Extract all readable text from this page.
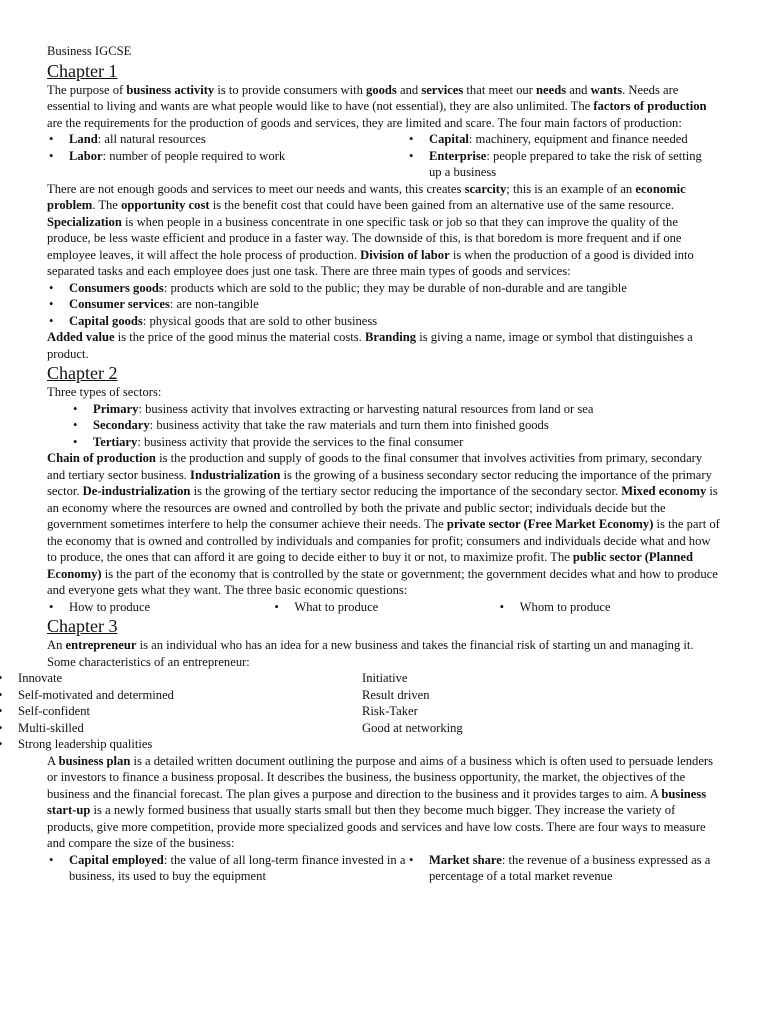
Business IGCSE

Chapter 1

The purpose of business activity is to provide consumers with goods and services that meet our needs and wants. Needs are essential to living and wants are what people would like to have (not essential), they are also unlimited. The factors of production are the requirements for the production of goods and services, they are limited and scare. The four main factors of production:

• Land: all natural resources
• Labor: number of people required to work
• Capital: machinery, equipment and finance needed
• Enterprise: people prepared to take the risk of setting up a business

There are not enough goods and services to meet our needs and wants, this creates scarcity; this is an example of an economic problem. The opportunity cost is the benefit cost that could have been gained from an alternative use of the same resource. Specialization is when people in a business concentrate in one specific task or job so that they can improve the quality of the produce, be less waste efficient and produce in a faster way. The downside of this, is that boredom is more frequent and if one employee leaves, it will affect the hole process of production. Division of labor is when the production of a good is divided into separated tasks and each employee does just one task. There are three main types of goods and services:

• Consumers goods: products which are sold to the public; they may be durable of non-durable and are tangible
• Consumer services: are non-tangible
• Capital goods: physical goods that are sold to other business

Added value is the price of the good minus the material costs. Branding is giving a name, image or symbol that distinguishes a product.

Chapter 2

Three types of sectors:

• Primary: business activity that involves extracting or harvesting natural resources from land or sea
• Secondary: business activity that take the raw materials and turn them into finished goods
• Tertiary: business activity that provide the services to the final consumer

Chain of production is the production and supply of goods to the final consumer that involves activities from primary, secondary and tertiary sector business. Industrialization is the growing of a business secondary sector reducing the importance of the primary sector. De-industrialization is the growing of the tertiary sector reducing the importance of the secondary sector. Mixed economy is an economy where the resources are owned and controlled by both the private and public sector; individuals decide but the government sometimes interfere to help the consumer achieve their needs. The private sector (Free Market Economy) is the part of the economy that is owned and controlled by individuals and companies for profit; consumers and individuals decide what and how to produce, the ones that can afford it are going to decide either to buy it or not, to maximize profit. The public sector (Planned Economy) is the part of the economy that is controlled by the state or government; the government decides what and how to produce and everyone gets what they want. The three basic economic questions:

• How to produce	• What to produce	• Whom to produce
Chapter 3

An entrepreneur is an individual who has an idea for a new business and takes the financial risk of starting un and managing it. Some characteristics of an entrepreneur:

• Innovate
• Self-motivated and determined
• Self-confident
• Multi-skilled
• Strong leadership qualities
Initiative
Result driven
Risk-Taker
Good at networking

A business plan is a detailed written document outlining the purpose and aims of a business which is often used to persuade lenders or investors to finance a business proposal. It describes the business, the business opportunity, the market, the objectives of the business and the financial forecast. The plan gives a purpose and direction to the business and it provides targes to aim. A business start-up is a newly formed business that usually starts small but then they become much bigger. They increase the variety of products, give more competition, provide more specialized goods and services and have low costs. There are four ways to measure and compare the size of the business:

• Capital employed: the value of all long-term finance invested in a business, its used to buy the equipment
• Market share: the revenue of a business expressed as a percentage of a total market revenue
